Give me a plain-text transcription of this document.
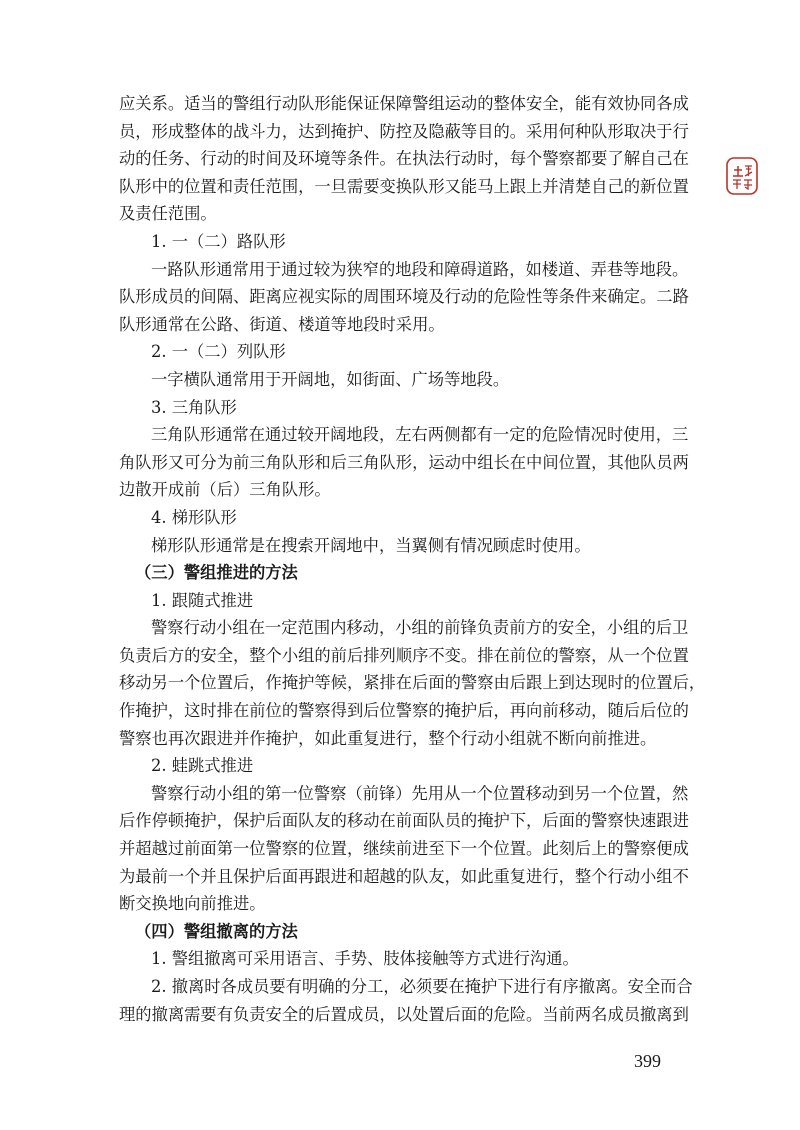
应关系。适当的警组行动队形能保证保障警组运动的整体安全，能有效协同各成
员，形成整体的战斗力，达到掩护、防控及隐蔽等目的。采用何种队形取决于行
动的任务、行动的时间及环境等条件。在执法行动时，每个警察都要了解自己在
队形中的位置和责任范围，一旦需要变换队形又能马上跟上并清楚自己的新位置
及责任范围。
1. 一（二）路队形
一路队形通常用于通过较为狭窄的地段和障碍道路，如楼道、弄巷等地段。
队形成员的间隔、距离应视实际的周围环境及行动的危险性等条件来确定。二路
队形通常在公路、街道、楼道等地段时采用。
2. 一（二）列队形
一字横队通常用于开阔地，如街面、广场等地段。
3. 三角队形
三角队形通常在通过较开阔地段，左右两侧都有一定的危险情况时使用，三
角队形又可分为前三角队形和后三角队形，运动中组长在中间位置，其他队员两
边散开成前（后）三角队形。
4. 梯形队形
梯形队形通常是在搜索开阔地中，当翼侧有情况顾虑时使用。
（三）警组推进的方法
1. 跟随式推进
警察行动小组在一定范围内移动，小组的前锋负责前方的安全，小组的后卫
负责后方的安全，整个小组的前后排列顺序不变。排在前位的警察，从一个位置
移动另一个位置后，作掩护等候，紧排在后面的警察由后跟上到达现时的位置后，
作掩护，这时排在前位的警察得到后位警察的掩护后，再向前移动，随后后位的
警察也再次跟进并作掩护，如此重复进行，整个行动小组就不断向前推进。
2. 蛙跳式推进
警察行动小组的第一位警察（前锋）先用从一个位置移动到另一个位置，然
后作停顿掩护，保护后面队友的移动在前面队员的掩护下，后面的警察快速跟进
并超越过前面第一位警察的位置，继续前进至下一个位置。此刻后上的警察便成
为最前一个并且保护后面再跟进和超越的队友，如此重复进行，整个行动小组不
断交换地向前推进。
（四）警组撤离的方法
1. 警组撤离可采用语言、手势、肢体接触等方式进行沟通。
2. 撤离时各成员要有明确的分工，必须要在掩护下进行有序撤离。安全而合
理的撤离需要有负责安全的后置成员，以处置后面的危险。当前两名成员撤离到
399
